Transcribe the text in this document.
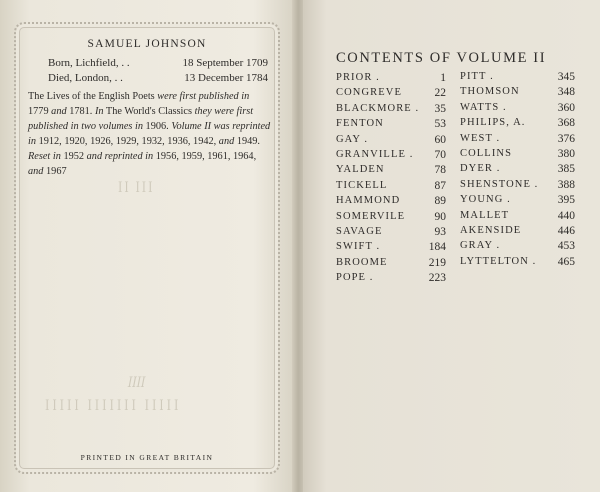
SAMUEL JOHNSON
Born, Lichfield, . .	18 September 1709
Died, London, . .	13 December 1784
The Lives of the English Poets were first published in 1779 and 1781. In The World's Classics they were first published in two volumes in 1906. Volume II was reprinted in 1912, 1920, 1926, 1929, 1932, 1936, 1942, and 1949. Reset in 1952 and reprinted in 1956, 1959, 1961, 1964, and 1967
ꟾꟾ ꟾꟾꟾ
ꟾꟾꟾꟾ
ꟾꟾꟾꟾꟾ ꟾꟾꟾꟾꟾꟾꟾ ꟾꟾꟾꟾꟾ
PRINTED IN GREAT BRITAIN
CONTENTS OF VOLUME II
PRIOR .	1
CONGREVE	22
BLACKMORE .	35
FENTON	53
GAY .	60
GRANVILLE .	70
YALDEN	78
TICKELL	87
HAMMOND	89
SOMERVILE	90
SAVAGE	93
SWIFT .	184
BROOME	219
POPE .	223
PITT .	345
THOMSON	348
WATTS .	360
PHILIPS, A.	368
WEST .	376
COLLINS	380
DYER .	385
SHENSTONE .	388
YOUNG .	395
MALLET	440
AKENSIDE	446
GRAY .	453
LYTTELTON .	465
